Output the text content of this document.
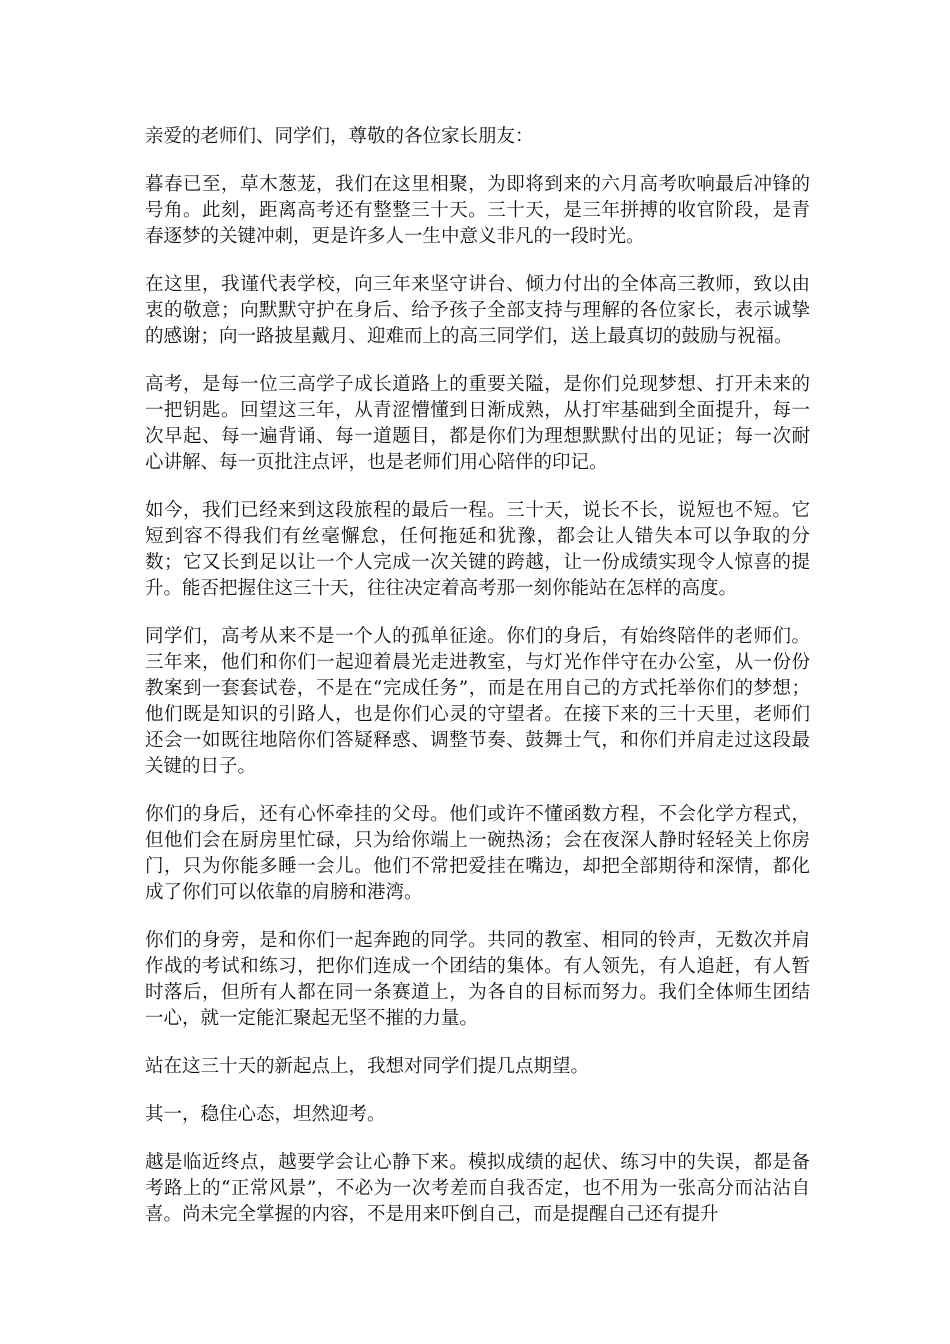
亲爱的老师们、同学们，尊敬的各位家长朋友：

暮春已至，草木葱茏，我们在这里相聚，为即将到来的六月高考吹响最后冲锋的号角。此刻，距离高考还有整整三十天。三十天，是三年拼搏的收官阶段，是青春逐梦的关键冲刺，更是许多人一生中意义非凡的一段时光。

在这里，我谨代表学校，向三年来坚守讲台、倾力付出的全体高三教师，致以由衷的敬意；向默默守护在身后、给予孩子全部支持与理解的各位家长，表示诚挚的感谢；向一路披星戴月、迎难而上的高三同学们，送上最真切的鼓励与祝福。

高考，是每一位三高学子成长道路上的重要关隘，是你们兑现梦想、打开未来的一把钥匙。回望这三年，从青涩懵懂到日渐成熟，从打牢基础到全面提升，每一次早起、每一遍背诵、每一道题目，都是你们为理想默默付出的见证；每一次耐心讲解、每一页批注点评，也是老师们用心陪伴的印记。

如今，我们已经来到这段旅程的最后一程。三十天，说长不长，说短也不短。它短到容不得我们有丝毫懈怠，任何拖延和犹豫，都会让人错失本可以争取的分数；它又长到足以让一个人完成一次关键的跨越，让一份成绩实现令人惊喜的提升。能否把握住这三十天，往往决定着高考那一刻你能站在怎样的高度。

同学们，高考从来不是一个人的孤单征途。你们的身后，有始终陪伴的老师们。三年来，他们和你们一起迎着晨光走进教室，与灯光作伴守在办公室，从一份份教案到一套套试卷，不是在“完成任务”，而是在用自己的方式托举你们的梦想；他们既是知识的引路人，也是你们心灵的守望者。在接下来的三十天里，老师们还会一如既往地陪你们答疑释惑、调整节奏、鼓舞士气，和你们并肩走过这段最关键的日子。

你们的身后，还有心怀牵挂的父母。他们或许不懂函数方程，不会化学方程式，但他们会在厨房里忙碌，只为给你端上一碗热汤；会在夜深人静时轻轻关上你房门，只为你能多睡一会儿。他们不常把爱挂在嘴边，却把全部期待和深情，都化成了你们可以依靠的肩膀和港湾。

你们的身旁，是和你们一起奔跑的同学。共同的教室、相同的铃声，无数次并肩作战的考试和练习，把你们连成一个团结的集体。有人领先，有人追赶，有人暂时落后，但所有人都在同一条赛道上，为各自的目标而努力。我们全体师生团结一心，就一定能汇聚起无坚不摧的力量。

站在这三十天的新起点上，我想对同学们提几点期望。

其一，稳住心态，坦然迎考。

越是临近终点，越要学会让心静下来。模拟成绩的起伏、练习中的失误，都是备考路上的“正常风景”，不必为一次考差而自我否定，也不用为一张高分而沾沾自喜。尚未完全掌握的内容，不是用来吓倒自己，而是提醒自己还有提升
